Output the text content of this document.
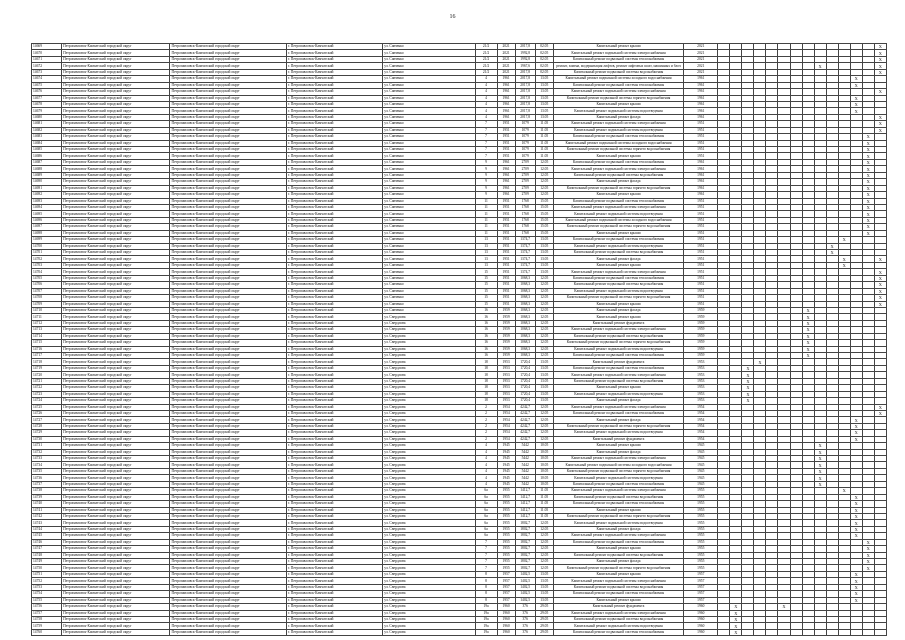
16
14669	Петропавловск-Камчатский городской округ	Петропавловск-Камчатский городской округ	г. Петропавловск-Камчатский	ул. Савченко	21/2	2021	2017,8	02.05	Капитальный ремонт крыши	2021														X
14670	Петропавловск-Камчатский городской округ	Петропавловск-Камчатский городской округ	г. Петропавловск-Камчатский	ул. Савченко	21/2	2021	1992,8	02.05	Капитальный ремонт подвальной системы электроснабжения	2021														X
14671	Петропавловск-Камчатский городской округ	Петропавловск-Камчатский городской округ	г. Петропавловск-Камчатский	ул. Савченко	21/2	2021	1992,8	02.05	Капитальный ремонт подвальной системы теплоснабжения	2021														X
14672	Петропавловск-Камчатский городской округ	Петропавловск-Камчатский городской округ	г. Петропавловск-Камчатский	ул. Савченко	21/2	2021	1967,6	02.05	ремонт, замена, модернизация лифтов, ремонт лифтовых шахт, машинных и блоч	2021									X					X
14673	Петропавловск-Камчатский городской округ	Петропавловск-Камчатский городской округ	г. Петропавловск-Камчатский	ул. Савченко	21/2	2021	2017,8	02.05	Капитальный ремонт подвальной системы водоснабжения	2021														X
14674	Петропавловск-Камчатский городской округ	Петропавловск-Камчатский городской округ	г. Петропавловск-Камчатский	ул. Савченко	4	1961	2017,8	13.05	Капитальный ремонт подвальной системы холодного водоснабжения	1961												X		
14675	Петропавловск-Камчатский городской округ	Петропавловск-Камчатский городской округ	г. Петропавловск-Камчатский	ул. Савченко	4	1961	2017,8	13.05	Капитальный ремонт подвальной системы теплоснабжения	1961												X		
14676	Петропавловск-Камчатский городской округ	Петропавловск-Камчатский городской округ	г. Петропавловск-Камчатский	ул. Савченко	4	1961	2017,8	13.05	Капитальный ремонт подвальной системы электроснабжения	1961														X
14677	Петропавловск-Камчатский городской округ	Петропавловск-Камчатский городской округ	г. Петропавловск-Камчатский	ул. Савченко	4	1961	2017,8	13.05	Капитальный ремонт подвальной системы горячего водоснабжения	1961												X		
14678	Петропавловск-Камчатский городской округ	Петропавловск-Камчатский городской округ	г. Петропавловск-Камчатский	ул. Савченко	4	1961	2017,8	13.05	Капитальный ремонт крыши	1961												X		
14679	Петропавловск-Камчатский городской округ	Петропавловск-Камчатский городской округ	г. Петропавловск-Камчатский	ул. Савченко	4	1961	2017,8	13.05	Капитальный ремонт подвальной системы водоотведения	1961												X		
14680	Петропавловск-Камчатский городской округ	Петропавловск-Камчатский городской округ	г. Петропавловск-Камчатский	ул. Савченко	4	1961	2017,8	13.05	Капитальный ремонт фасада	1961														X
14681	Петропавловск-Камчатский городской округ	Петропавловск-Камчатский городской округ	г. Петропавловск-Камчатский	ул. Савченко	7	1951	1079	11.05	Капитальный ремонт подвальной системы электроснабжения	1951														X
14682	Петропавловск-Камчатский городской округ	Петропавловск-Камчатский городской округ	г. Петропавловск-Камчатский	ул. Савченко	7	1951	1079	11.05	Капитальный ремонт подвальной системы водоотведения	1951														X
14683	Петропавловск-Камчатский городской округ	Петропавловск-Камчатский городской округ	г. Петропавловск-Камчатский	ул. Савченко	7	1951	1079	11.05	Капитальный ремонт подвальной системы теплоснабжения	1951													X	
14684	Петропавловск-Камчатский городской округ	Петропавловск-Камчатский городской округ	г. Петропавловск-Камчатский	ул. Савченко	7	1951	1079	11.05	Капитальный ремонт подвальной системы холодного водоснабжения	1951													X	
14685	Петропавловск-Камчатский городской округ	Петропавловск-Камчатский городской округ	г. Петропавловск-Камчатский	ул. Савченко	7	1951	1079	11.05	Капитальный ремонт подвальной системы горячего водоснабжения	1951													X	
14686	Петропавловск-Камчатский городской округ	Петропавловск-Камчатский городской округ	г. Петропавловск-Камчатский	ул. Савченко	7	1951	1079	11.05	Капитальный ремонт крыши	1951													X	
14687	Петропавловск-Камчатский городской округ	Петропавловск-Камчатский городской округ	г. Петропавловск-Камчатский	ул. Савченко	9	1961	2709	12.05	Капитальный ремонт подвальной системы теплоснабжения	1961													X	
14688	Петропавловск-Камчатский городской округ	Петропавловск-Камчатский городской округ	г. Петропавловск-Камчатский	ул. Савченко	9	1961	2709	12.05	Капитальный ремонт подвальной системы электроснабжения	1961													X	
14689	Петропавловск-Камчатский городской округ	Петропавловск-Камчатский городской округ	г. Петропавловск-Камчатский	ул. Савченко	9	1961	2709	12.05	Капитальный ремонт подвальной системы водоснабжения	1961													X	
14690	Петропавловск-Камчатский городской округ	Петропавловск-Камчатский городской округ	г. Петропавловск-Камчатский	ул. Савченко	9	1961	2709	12.05	Капитальный ремонт фасада	1961													X	
14691	Петропавловск-Камчатский городской округ	Петропавловск-Камчатский городской округ	г. Петропавловск-Камчатский	ул. Савченко	9	1961	2709	12.05	Капитальный ремонт подвальной системы горячего водоснабжения	1961													X	
14692	Петропавловск-Камчатский городской округ	Петропавловск-Камчатский городской округ	г. Петропавловск-Камчатский	ул. Савченко	9	1961	2709	12.05	Капитальный ремонт крыши	1961													X	
14693	Петропавловск-Камчатский городской округ	Петропавловск-Камчатский городской округ	г. Петропавловск-Камчатский	ул. Савченко	11	1951	1768	15.05	Капитальный ремонт подвальной системы теплоснабжения	1951													X	
14694	Петропавловск-Камчатский городской округ	Петропавловск-Камчатский городской округ	г. Петропавловск-Камчатский	ул. Савченко	11	1951	1768	15.05	Капитальный ремонт подвальной системы электроснабжения	1951													X	
14695	Петропавловск-Камчатский городской округ	Петропавловск-Камчатский городской округ	г. Петропавловск-Камчатский	ул. Савченко	11	1951	1768	15.05	Капитальный ремонт подвальной системы водоотведения	1951													X	
14696	Петропавловск-Камчатский городской округ	Петропавловск-Камчатский городской округ	г. Петропавловск-Камчатский	ул. Савченко	11	1951	1768	15.05	Капитальный ремонт подвальной системы холодного водоснабжения	1951													X	
14697	Петропавловск-Камчатский городской округ	Петропавловск-Камчатский городской округ	г. Петропавловск-Камчатский	ул. Савченко	11	1951	1768	15.05	Капитальный ремонт подвальной системы горячего водоснабжения	1951													X	
14698	Петропавловск-Камчатский городской округ	Петропавловск-Камчатский городской округ	г. Петропавловск-Камчатский	ул. Савченко	11	1951	1768	15.05	Капитальный ремонт крыши	1951													X	
14699	Петропавловск-Камчатский городской округ	Петропавловск-Камчатский городской округ	г. Петропавловск-Камчатский	ул. Савченко	13	1951	1374,7	13.05	Капитальный ремонт подвальной системы теплоснабжения	1951											X			
14700	Петропавловск-Камчатский городской округ	Петропавловск-Камчатский городской округ	г. Петропавловск-Камчатский	ул. Савченко	13	1951	1374,7	13.05	Капитальный ремонт подвальной системы водоотведения	1951										X				
14701	Петропавловск-Камчатский городской округ	Петропавловск-Камчатский городской округ	г. Петропавловск-Камчатский	ул. Савченко	13	1951	1374,7	13.05	Капитальный ремонт подвальной системы водоснабжения	1951										X				
14702	Петропавловск-Камчатский городской округ	Петропавловск-Камчатский городской округ	г. Петропавловск-Камчатский	ул. Савченко	13	1951	1374,7	13.05	Капитальный ремонт фасада	1951											X			X
14703	Петропавловск-Камчатский городской округ	Петропавловск-Камчатский городской округ	г. Петропавловск-Камчатский	ул. Савченко	13	1951	1374,7	13.05	Капитальный ремонт крыши	1951											X			
14704	Петропавловск-Камчатский городской округ	Петропавловск-Камчатский городской округ	г. Петропавловск-Камчатский	ул. Савченко	15	1951	1374,7	13.05	Капитальный ремонт подвальной системы электроснабжения	1951														X
14705	Петропавловск-Камчатский городской округ	Петропавловск-Камчатский городской округ	г. Петропавловск-Камчатский	ул. Савченко	15	1951	1068,3	12.05	Капитальный ремонт подвальной системы теплоснабжения	1951														X
14706	Петропавловск-Камчатский городской округ	Петропавловск-Камчатский городской округ	г. Петропавловск-Камчатский	ул. Савченко	15	1951	1068,3	12.05	Капитальный ремонт подвальной системы водоснабжения	1951														X
14707	Петропавловск-Камчатский городской округ	Петропавловск-Камчатский городской округ	г. Петропавловск-Камчатский	ул. Савченко	15	1951	1068,3	12.05	Капитальный ремонт подвальной системы водоотведения	1951														X
14708	Петропавловск-Камчатский городской округ	Петропавловск-Камчатский городской округ	г. Петропавловск-Камчатский	ул. Савченко	15	1951	1068,3	12.05	Капитальный ремонт подвальной системы горячего водоснабжения	1951														X
14709	Петропавловск-Камчатский городской округ	Петропавловск-Камчатский городской округ	г. Петропавловск-Камчатский	ул. Савченко	15	1951	1068,3	12.05	Капитальный ремонт крыши	1951														X
14710	Петропавловск-Камчатский городской округ	Петропавловск-Камчатский городской округ	г. Петропавловск-Камчатский	ул. Савченко	16	1959	1068,3	12.05	Капитальный ремонт фасада	1959								X						
14711	Петропавловск-Камчатский городской округ	Петропавловск-Камчатский городской округ	г. Петропавловск-Камчатский	ул. Свердлова	16	1959	1068,3	12.05	Капитальный ремонт крыши	1959								X						
14712	Петропавловск-Камчатский городской округ	Петропавловск-Камчатский городской округ	г. Петропавловск-Камчатский	ул. Свердлова	16	1959	1068,3	12.05	Капитальный ремонт фундамента	1959								X						
14713	Петропавловск-Камчатский городской округ	Петропавловск-Камчатский городской округ	г. Петропавловск-Камчатский	ул. Свердлова	16	1959	1068,3	12.05	Капитальный ремонт подвальной системы электроснабжения	1959								X						
14714	Петропавловск-Камчатский городской округ	Петропавловск-Камчатский городской округ	г. Петропавловск-Камчатский	ул. Свердлова	16	1959	1068,3	12.05	Капитальный ремонт подвальной системы водоснабжения	1959								X						
14715	Петропавловск-Камчатский городской округ	Петропавловск-Камчатский городской округ	г. Петропавловск-Камчатский	ул. Свердлова	16	1959	1068,3	12.05	Капитальный ремонт подвальной системы горячего водоснабжения	1959								X						
14716	Петропавловск-Камчатский городской округ	Петропавловск-Камчатский городской округ	г. Петропавловск-Камчатский	ул. Свердлова	16	1959	1068,3	12.05	Капитальный ремонт подвальной системы водоотведения	1959								X						
14717	Петропавловск-Камчатский городской округ	Петропавловск-Камчатский городской округ	г. Петропавловск-Камчатский	ул. Свердлова	16	1959	1068,3	12.05	Капитальный ремонт подвальной системы теплоснабжения	1959								X						
14718	Петропавловск-Камчатский городской округ	Петропавловск-Камчатский городской округ	г. Петропавловск-Камчатский	ул. Свердлова	18	1953	1720,4	13.05	Капитальный ремонт фундамента	1953				X										
14719	Петропавловск-Камчатский городской округ	Петропавловск-Камчатский городской округ	г. Петропавловск-Камчатский	ул. Свердлова	18	1953	1720,4	13.05	Капитальный ремонт подвальной системы теплоснабжения	1953			X											
14720	Петропавловск-Камчатский городской округ	Петропавловск-Камчатский городской округ	г. Петропавловск-Камчатский	ул. Свердлова	18	1953	1720,4	13.05	Капитальный ремонт подвальной системы электроснабжения	1953			X											
14721	Петропавловск-Камчатский городской округ	Петропавловск-Камчатский городской округ	г. Петропавловск-Камчатский	ул. Свердлова	18	1953	1720,4	13.05	Капитальный ремонт подвальной системы водоснабжения	1953			X											
14722	Петропавловск-Камчатский городской округ	Петропавловск-Камчатский городской округ	г. Петропавловск-Камчатский	ул. Свердлова	18	1953	1720,4	13.05	Капитальный ремонт крыши	1953			X											
14723	Петропавловск-Камчатский городской округ	Петропавловск-Камчатский городской округ	г. Петропавловск-Камчатский	ул. Свердлова	18	1953	1720,4	13.05	Капитальный ремонт подвальной системы водоотведения	1953			X											
14724	Петропавловск-Камчатский городской округ	Петропавловск-Камчатский городской округ	г. Петропавловск-Камчатский	ул. Свердлова	18	1953	1720,4	13.05	Капитальный ремонт фасада	1953			X											
14725	Петропавловск-Камчатский городской округ	Петропавловск-Камчатский городской округ	г. Петропавловск-Камчатский	ул. Свердлова	2	1954	4242,7	12.05	Капитальный ремонт подвальной системы электроснабжения	1954														X
14726	Петропавловск-Камчатский городской округ	Петропавловск-Камчатский городской округ	г. Петропавловск-Камчатский	ул. Свердлова	2	1954	4242,7	12.05	Капитальный ремонт подвальной системы теплоснабжения	1954														X
14727	Петропавловск-Камчатский городской округ	Петропавловск-Камчатский городской округ	г. Петропавловск-Камчатский	ул. Свердлова	2	1954	4242,7	12.05	Капитальный ремонт фасада	1954												X		
14728	Петропавловск-Камчатский городской округ	Петропавловск-Камчатский городской округ	г. Петропавловск-Камчатский	ул. Свердлова	2	1954	4242,7	12.05	Капитальный ремонт подвальной системы горячего водоснабжения	1954												X		
14729	Петропавловск-Камчатский городской округ	Петропавловск-Камчатский городской округ	г. Петропавловск-Камчатский	ул. Свердлова	2	1954	4242,7	12.05	Капитальный ремонт подвальной системы водоотведения	1954												X		
14730	Петропавловск-Камчатский городской округ	Петропавловск-Камчатский городской округ	г. Петропавловск-Камчатский	ул. Свердлова	2	1954	4242,7	12.05	Капитальный ремонт фундамента	1954												X		
14731	Петропавловск-Камчатский городской округ	Петропавловск-Камчатский городской округ	г. Петропавловск-Камчатский	ул. Свердлова	4	1945	5442	10.05	Капитальный ремонт крыши	1945									X					
14732	Петропавловск-Камчатский городской округ	Петропавловск-Камчатский городской округ	г. Петропавловск-Камчатский	ул. Свердлова	4	1945	5442	10.05	Капитальный ремонт фасада	1945									X					
14733	Петропавловск-Камчатский городской округ	Петропавловск-Камчатский городской округ	г. Петропавловск-Камчатский	ул. Свердлова	4	1945	5442	10.05	Капитальный ремонт подвальной системы электроснабжения	1945									X					
14734	Петропавловск-Камчатский городской округ	Петропавловск-Камчатский городской округ	г. Петропавловск-Камчатский	ул. Свердлова	4	1945	5442	10.05	Капитальный ремонт подвальной системы холодного водоснабжения	1945									X					
14735	Петропавловск-Камчатский городской округ	Петропавловск-Камчатский городской округ	г. Петропавловск-Камчатский	ул. Свердлова	4	1945	5442	10.05	Капитальный ремонт подвальной системы горячего водоснабжения	1945									X					
14736	Петропавловск-Камчатский городской округ	Петропавловск-Камчатский городской округ	г. Петропавловск-Камчатский	ул. Свердлова	4	1945	5442	10.05	Капитальный ремонт подвальной системы водоотведения	1945									X					
14737	Петропавловск-Камчатский городской округ	Петропавловск-Камчатский городской округ	г. Петропавловск-Камчатский	ул. Свердлова	4	1945	5442	10.05	Капитальный ремонт подвальной системы теплоснабжения	1945									X					
14738	Петропавловск-Камчатский городской округ	Петропавловск-Камчатский городской округ	г. Петропавловск-Камчатский	ул. Свердлова	6а	1955	1412,7	11.05	Капитальный ремонт подвальной системы электроснабжения	1955											X			
14739	Петропавловск-Камчатский городской округ	Петропавловск-Камчатский городской округ	г. Петропавловск-Камчатский	ул. Свердлова	6а	1955	1412,7	11.05	Капитальный ремонт подвальной системы водоснабжения	1955												X		
14740	Петропавловск-Камчатский городской округ	Петропавловск-Камчатский городской округ	г. Петропавловск-Камчатский	ул. Свердлова	6а	1955	1412,7	11.05	Капитальный ремонт подвальной системы теплоснабжения	1955												X		
14741	Петропавловск-Камчатский городской округ	Петропавловск-Камчатский городской округ	г. Петропавловск-Камчатский	ул. Свердлова	6а	1955	1412,7	11.05	Капитальный ремонт крыши	1955												X		
14742	Петропавловск-Камчатский городской округ	Петропавловск-Камчатский городской округ	г. Петропавловск-Камчатский	ул. Свердлова	6а	1955	1412,7	11.05	Капитальный ремонт подвальной системы горячего водоснабжения	1955												X		
14743	Петропавловск-Камчатский городской округ	Петропавловск-Камчатский городской округ	г. Петропавловск-Камчатский	ул. Свердлова	6а	1955	1802,7	12.05	Капитальный ремонт подвальной системы водоотведения	1955												X		
14744	Петропавловск-Камчатский городской округ	Петропавловск-Камчатский городской округ	г. Петропавловск-Камчатский	ул. Свердлова	6а	1955	1802,7	12.05	Капитальный ремонт фасада	1955												X		
14745	Петропавловск-Камчатский городской округ	Петропавловск-Камчатский городской округ	г. Петропавловск-Камчатский	ул. Свердлова	6а	1955	1802,7	12.05	Капитальный ремонт подвальной системы электроснабжения	1955												X		
14746	Петропавловск-Камчатский городской округ	Петропавловск-Камчатский городской округ	г. Петропавловск-Камчатский	ул. Свердлова	7	1955	1802,7	12.05	Капитальный ремонт подвальной системы теплоснабжения	1955													X	
14747	Петропавловск-Камчатский городской округ	Петропавловск-Камчатский городской округ	г. Петропавловск-Камчатский	ул. Свердлова	7	1955	1802,7	12.05	Капитальный ремонт крыши	1955													X	
14748	Петропавловск-Камчатский городской округ	Петропавловск-Камчатский городской округ	г. Петропавловск-Камчатский	ул. Свердлова	7	1955	1802,7	12.05	Капитальный ремонт подвальной системы водоснабжения	1955													X	
14749	Петропавловск-Камчатский городской округ	Петропавловск-Камчатский городской округ	г. Петропавловск-Камчатский	ул. Свердлова	7	1955	1802,7	12.05	Капитальный ремонт фасада	1955													X	
14750	Петропавловск-Камчатский городской округ	Петропавловск-Камчатский городской округ	г. Петропавловск-Камчатский	ул. Свердлова	7	1955	1802,7	12.05	Капитальный ремонт подвальной системы горячего водоснабжения	1955													X	
14751	Петропавловск-Камчатский городской округ	Петропавловск-Камчатский городской округ	г. Петропавловск-Камчатский	ул. Свердлова	8	1957	1402,5	13.05	Капитальный ремонт крыши	1957												X		
14752	Петропавловск-Камчатский городской округ	Петропавловск-Камчатский городской округ	г. Петропавловск-Камчатский	ул. Свердлова	8	1957	1402,5	13.05	Капитальный ремонт подвальной системы электроснабжения	1957												X		
14753	Петропавловск-Камчатский городской округ	Петропавловск-Камчатский городской округ	г. Петропавловск-Камчатский	ул. Свердлова	8	1957	1402,5	13.05	Капитальный ремонт подвальной системы водоснабжения	1957												X		
14754	Петропавловск-Камчатский городской округ	Петропавловск-Камчатский городской округ	г. Петропавловск-Камчатский	ул. Свердлова	8	1957	1402,5	13.05	Капитальный ремонт подвальной системы теплоснабжения	1957												X		
14755	Петропавловск-Камчатский городской округ	Петропавловск-Камчатский городской округ	г. Петропавловск-Камчатский	ул. Свердлова	8	1957	1402,5	13.05	Капитальный ремонт крыши	1957												X		
14756	Петропавловск-Камчатский городской округ	Петропавловск-Камчатский городской округ	г. Петропавловск-Камчатский	ул. Свердлова	19а	1960	376	29.05	Капитальный ремонт фундамента	1960		X				X								
14757	Петропавловск-Камчатский городской округ	Петропавловск-Камчатский городской округ	г. Петропавловск-Камчатский	ул. Свердлова	19а	1960	376	29.05	Капитальный ремонт подвальной системы электроснабжения	1960		X												
14758	Петропавловск-Камчатский городской округ	Петропавловск-Камчатский городской округ	г. Петропавловск-Камчатский	ул. Свердлова	19а	1960	376	29.05	Капитальный ремонт подвальной системы водоснабжения	1960		X												
14759	Петропавловск-Камчатский городской округ	Петропавловск-Камчатский городской округ	г. Петропавловск-Камчатский	ул. Свердлова	19а	1960	376	29.05	Капитальный ремонт подвальной системы водоотведения	1960		X												
14760	Петропавловск-Камчатский городской округ	Петропавловск-Камчатский городской округ	г. Петропавловск-Камчатский	ул. Свердлова	19а	1960	376	29.05	Капитальный ремонт подвальной системы теплоснабжения	1960		X												
